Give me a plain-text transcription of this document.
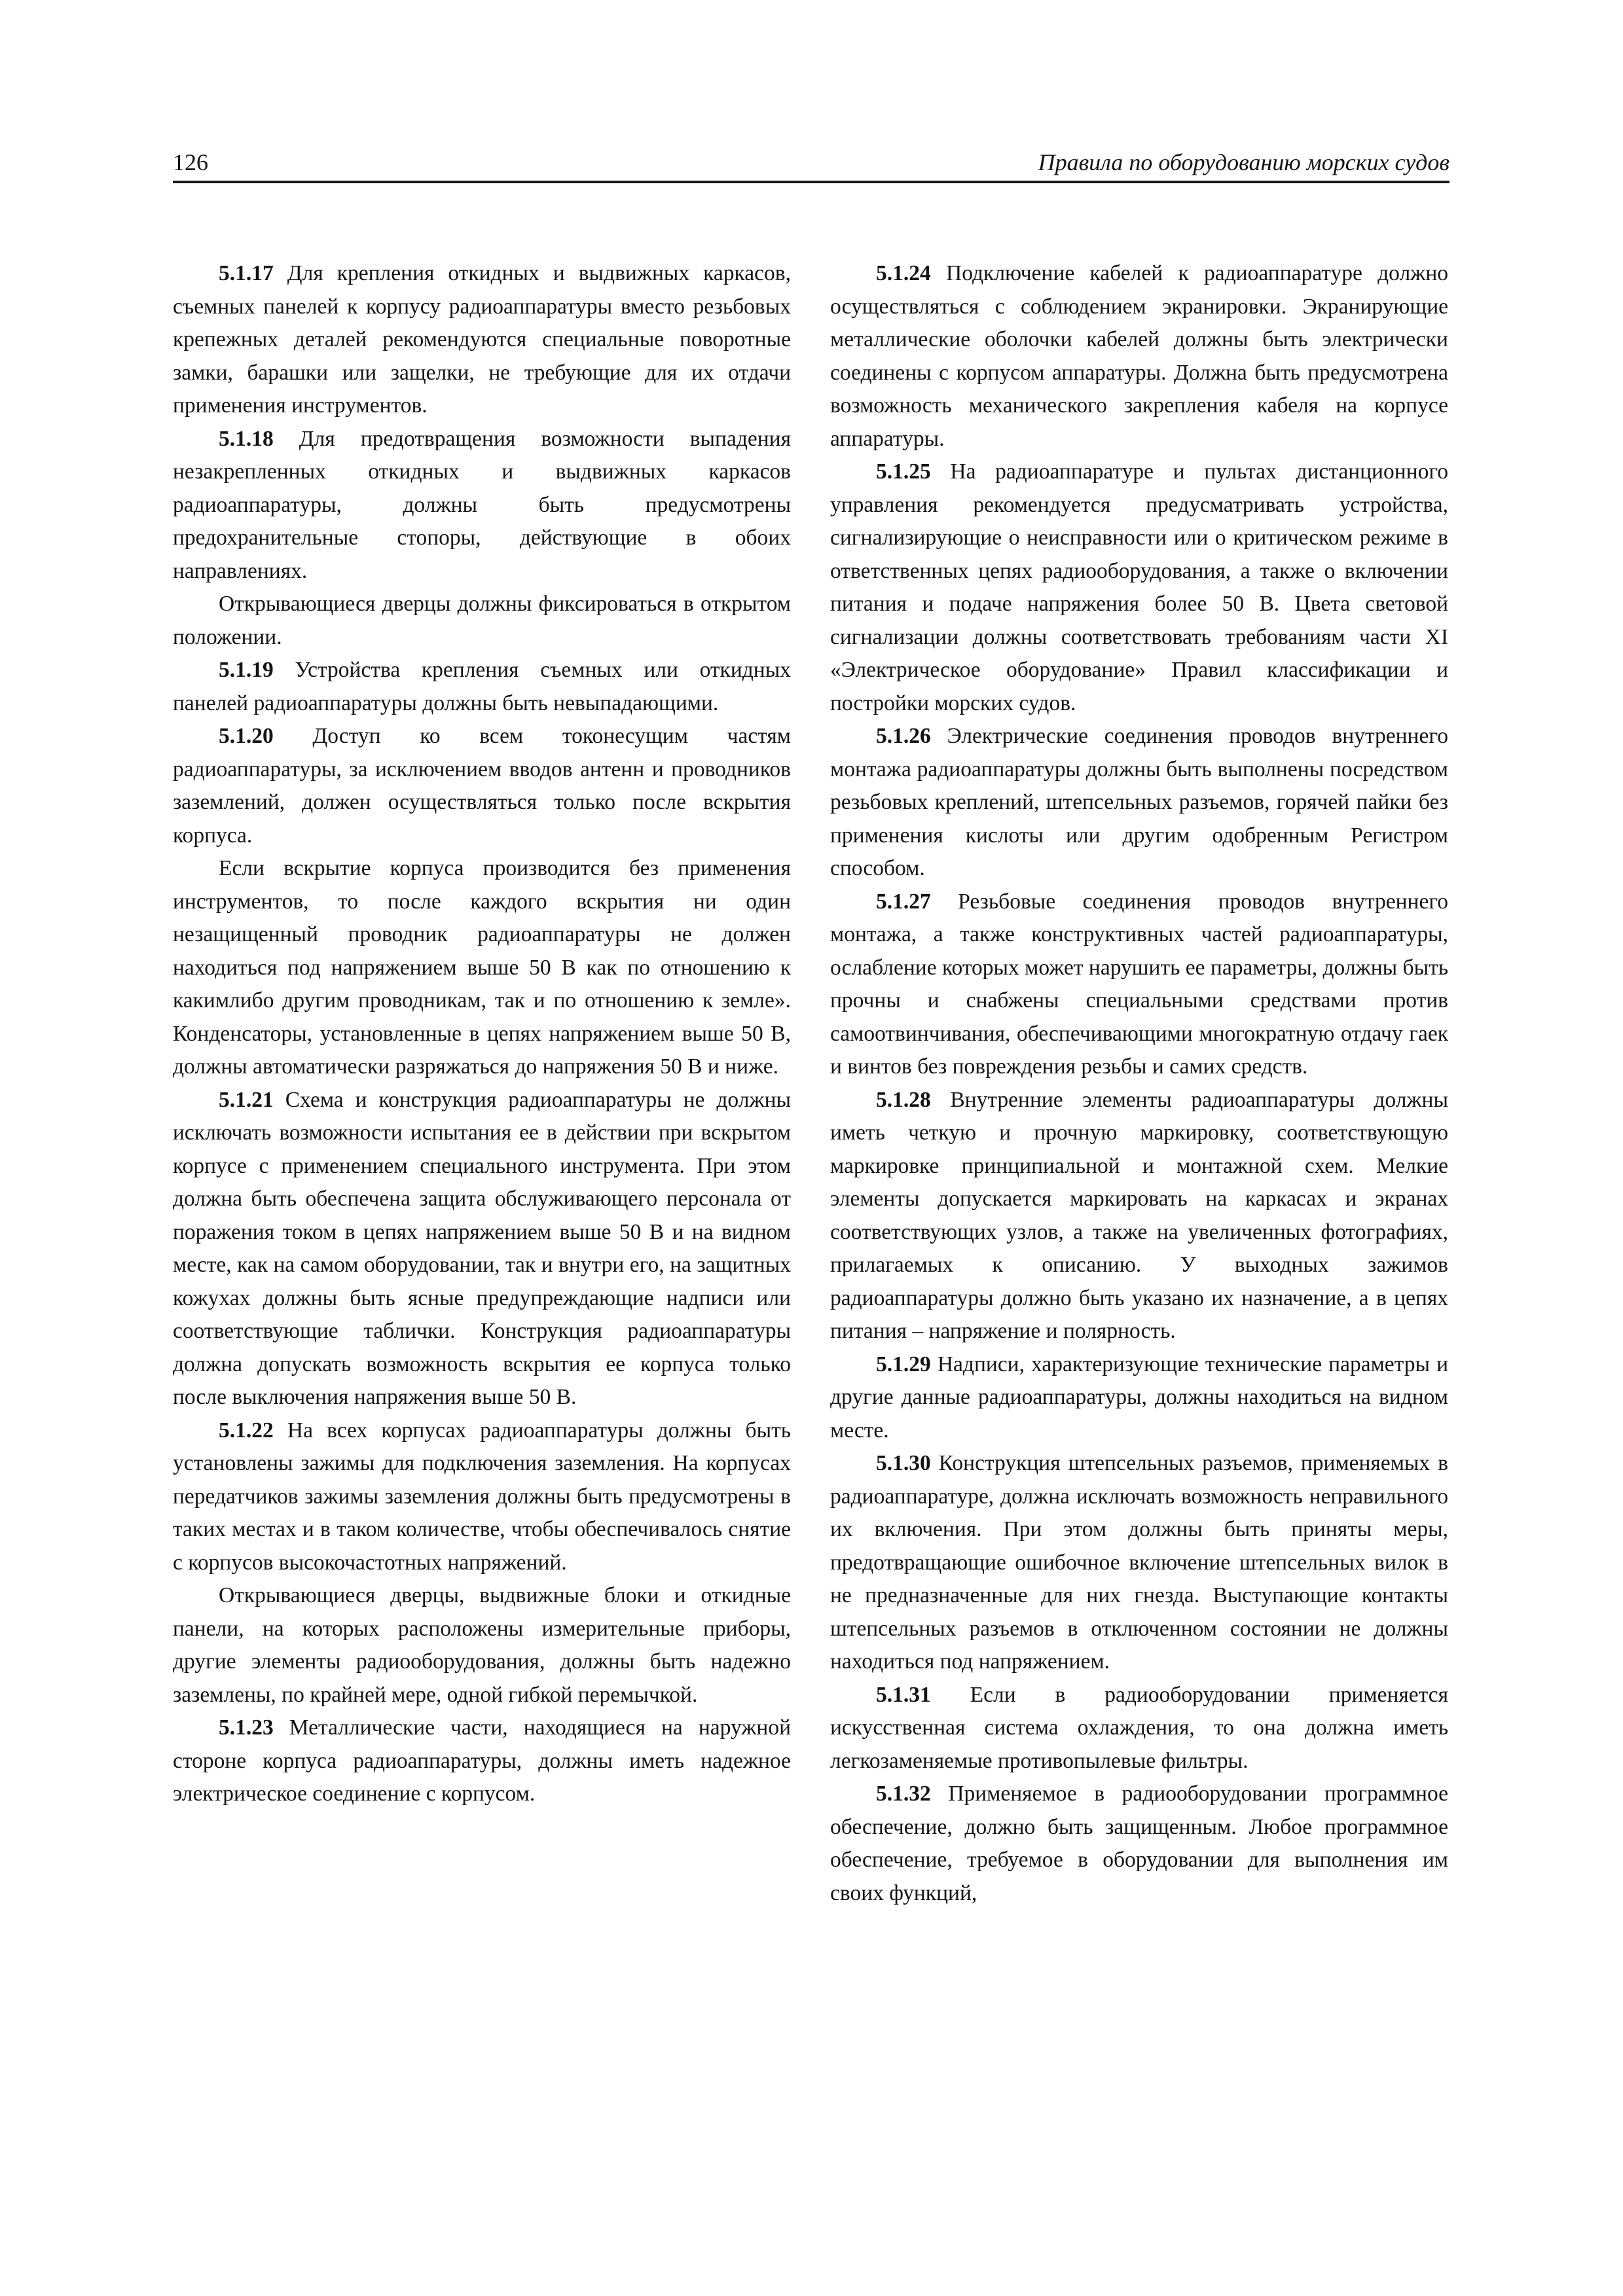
126	Правила по оборудованию морских судов

5.1.17 Для крепления откидных и выдвижных каркасов, съемных панелей к корпусу радиоаппаратуры вместо резьбовых крепежных деталей рекомендуются специальные поворотные замки, барашки или защелки, не требующие для их отдачи применения инструментов.

5.1.18 Для предотвращения возможности выпадения незакрепленных откидных и выдвижных каркасов радиоаппаратуры, должны быть предусмотрены предохранительные стопоры, действующие в обоих направлениях.

Открывающиеся дверцы должны фиксироваться в открытом положении.

5.1.19 Устройства крепления съемных или откидных панелей радиоаппаратуры должны быть невыпадающими.

5.1.20 Доступ ко всем токонесущим частям радиоаппаратуры, за исключением вводов антенн и проводников заземлений, должен осуществляться только после вскрытия корпуса.

Если вскрытие корпуса производится без применения инструментов, то после каждого вскрытия ни один незащищенный проводник радиоаппаратуры не должен находиться под напряжением выше 50 В как по отношению к какимлибо другим проводникам, так и по отношению к земле». Конденсаторы, установленные в цепях напряжением выше 50 В, должны автоматически разряжаться до напряжения 50 В и ниже.

5.1.21 Схема и конструкция радиоаппаратуры не должны исключать возможности испытания ее в действии при вскрытом корпусе с применением специального инструмента. При этом должна быть обеспечена защита обслуживающего персонала от поражения током в цепях напряжением выше 50 В и на видном месте, как на самом оборудовании, так и внутри его, на защитных кожухах должны быть ясные предупреждающие надписи или соответствующие таблички. Конструкция радиоаппаратуры должна допускать возможность вскрытия ее корпуса только после выключения напряжения выше 50 В.

5.1.22 На всех корпусах радиоаппаратуры должны быть установлены зажимы для подключения заземления. На корпусах передатчиков зажимы заземления должны быть предусмотрены в таких местах и в таком количестве, чтобы обеспечивалось снятие с корпусов высокочастотных напряжений.

Открывающиеся дверцы, выдвижные блоки и откидные панели, на которых расположены измерительные приборы, другие элементы радиооборудования, должны быть надежно заземлены, по крайней мере, одной гибкой перемычкой.

5.1.23 Металлические части, находящиеся на наружной стороне корпуса радиоаппаратуры, должны иметь надежное электрическое соединение с корпусом.

5.1.24 Подключение кабелей к радиоаппаратуре должно осуществляться с соблюдением экранировки. Экранирующие металлические оболочки кабелей должны быть электрически соединены с корпусом аппаратуры. Должна быть предусмотрена возможность механического закрепления кабеля на корпусе аппаратуры.

5.1.25 На радиоаппаратуре и пультах дистанционного управления рекомендуется предусматривать устройства, сигнализирующие о неисправности или о критическом режиме в ответственных цепях радиооборудования, а также о включении питания и подаче напряжения более 50 В. Цвета световой сигнализации должны соответствовать требованиям части XI «Электрическое оборудование» Правил классификации и постройки морских судов.

5.1.26 Электрические соединения проводов внутреннего монтажа радиоаппаратуры должны быть выполнены посредством резьбовых креплений, штепсельных разъемов, горячей пайки без применения кислоты или другим одобренным Регистром способом.

5.1.27 Резьбовые соединения проводов внутреннего монтажа, а также конструктивных частей радиоаппаратуры, ослабление которых может нарушить ее параметры, должны быть прочны и снабжены специальными средствами против самоотвинчивания, обеспечивающими многократную отдачу гаек и винтов без повреждения резьбы и самих средств.

5.1.28 Внутренние элементы радиоаппаратуры должны иметь четкую и прочную маркировку, соответствующую маркировке принципиальной и монтажной схем. Мелкие элементы допускается маркировать на каркасах и экранах соответствующих узлов, а также на увеличенных фотографиях, прилагаемых к описанию. У выходных зажимов радиоаппаратуры должно быть указано их назначение, а в цепях питания – напряжение и полярность.

5.1.29 Надписи, характеризующие технические параметры и другие данные радиоаппаратуры, должны находиться на видном месте.

5.1.30 Конструкция штепсельных разъемов, применяемых в радиоаппаратуре, должна исключать возможность неправильного их включения. При этом должны быть приняты меры, предотвращающие ошибочное включение штепсельных вилок в не предназначенные для них гнезда. Выступающие контакты штепсельных разъемов в отключенном состоянии не должны находиться под напряжением.

5.1.31 Если в радиооборудовании применяется искусственная система охлаждения, то она должна иметь легкозаменяемые противопылевые фильтры.

5.1.32 Применяемое в радиооборудовании программное обеспечение, должно быть защищенным. Любое программное обеспечение, требуемое в оборудовании для выполнения им своих функций,
